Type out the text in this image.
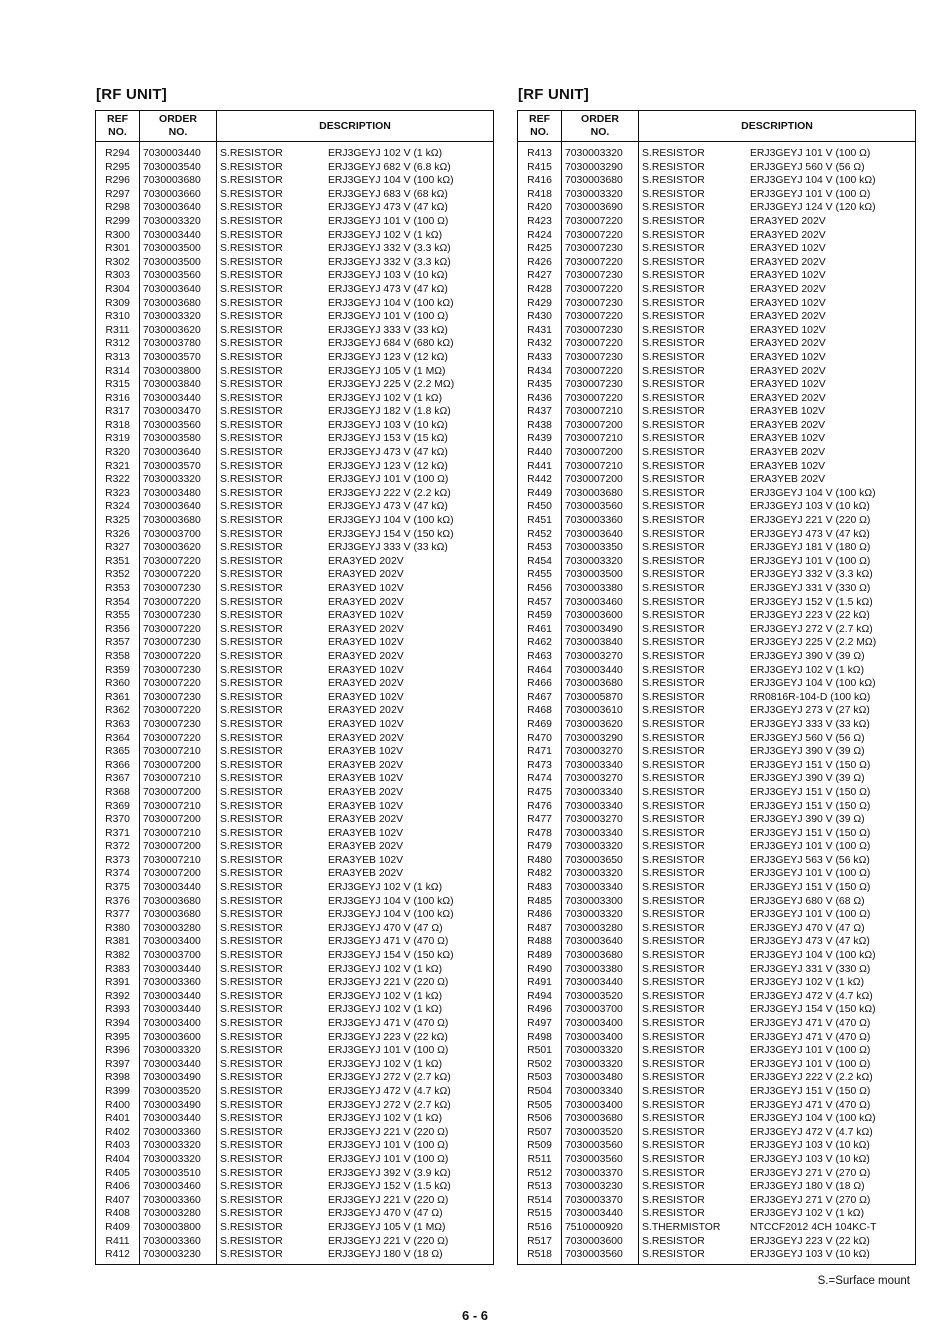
[RF UNIT]
REF
NO.	ORDER
NO.	DESCRIPTION
R294	7030003440	S.RESISTOR ERJ3GEYJ 102 V (1 kΩ)
R295	7030003540	S.RESISTOR ERJ3GEYJ 682 V (6.8 kΩ)
R296	7030003680	S.RESISTOR ERJ3GEYJ 104 V (100 kΩ)
R297	7030003660	S.RESISTOR ERJ3GEYJ 683 V (68 kΩ)
R298	7030003640	S.RESISTOR ERJ3GEYJ 473 V (47 kΩ)
R299	7030003320	S.RESISTOR ERJ3GEYJ 101 V (100 Ω)
R300	7030003440	S.RESISTOR ERJ3GEYJ 102 V (1 kΩ)
R301	7030003500	S.RESISTOR ERJ3GEYJ 332 V (3.3 kΩ)
R302	7030003500	S.RESISTOR ERJ3GEYJ 332 V (3.3 kΩ)
R303	7030003560	S.RESISTOR ERJ3GEYJ 103 V (10 kΩ)
R304	7030003640	S.RESISTOR ERJ3GEYJ 473 V (47 kΩ)
R309	7030003680	S.RESISTOR ERJ3GEYJ 104 V (100 kΩ)
R310	7030003320	S.RESISTOR ERJ3GEYJ 101 V (100 Ω)
R311	7030003620	S.RESISTOR ERJ3GEYJ 333 V (33 kΩ)
R312	7030003780	S.RESISTOR ERJ3GEYJ 684 V (680 kΩ)
R313	7030003570	S.RESISTOR ERJ3GEYJ 123 V (12 kΩ)
R314	7030003800	S.RESISTOR ERJ3GEYJ 105 V (1 MΩ)
R315	7030003840	S.RESISTOR ERJ3GEYJ 225 V (2.2 MΩ)
R316	7030003440	S.RESISTOR ERJ3GEYJ 102 V (1 kΩ)
R317	7030003470	S.RESISTOR ERJ3GEYJ 182 V (1.8 kΩ)
R318	7030003560	S.RESISTOR ERJ3GEYJ 103 V (10 kΩ)
R319	7030003580	S.RESISTOR ERJ3GEYJ 153 V (15 kΩ)
R320	7030003640	S.RESISTOR ERJ3GEYJ 473 V (47 kΩ)
R321	7030003570	S.RESISTOR ERJ3GEYJ 123 V (12 kΩ)
R322	7030003320	S.RESISTOR ERJ3GEYJ 101 V (100 Ω)
R323	7030003480	S.RESISTOR ERJ3GEYJ 222 V (2.2 kΩ)
R324	7030003640	S.RESISTOR ERJ3GEYJ 473 V (47 kΩ)
R325	7030003680	S.RESISTOR ERJ3GEYJ 104 V (100 kΩ)
R326	7030003700	S.RESISTOR ERJ3GEYJ 154 V (150 kΩ)
R327	7030003620	S.RESISTOR ERJ3GEYJ 333 V (33 kΩ)
R351	7030007220	S.RESISTOR ERA3YED 202V
R352	7030007220	S.RESISTOR ERA3YED 202V
R353	7030007230	S.RESISTOR ERA3YED 102V
R354	7030007220	S.RESISTOR ERA3YED 202V
R355	7030007230	S.RESISTOR ERA3YED 102V
R356	7030007220	S.RESISTOR ERA3YED 202V
R357	7030007230	S.RESISTOR ERA3YED 102V
R358	7030007220	S.RESISTOR ERA3YED 202V
R359	7030007230	S.RESISTOR ERA3YED 102V
R360	7030007220	S.RESISTOR ERA3YED 202V
R361	7030007230	S.RESISTOR ERA3YED 102V
R362	7030007220	S.RESISTOR ERA3YED 202V
R363	7030007230	S.RESISTOR ERA3YED 102V
R364	7030007220	S.RESISTOR ERA3YED 202V
R365	7030007210	S.RESISTOR ERA3YEB 102V
R366	7030007200	S.RESISTOR ERA3YEB 202V
R367	7030007210	S.RESISTOR ERA3YEB 102V
R368	7030007200	S.RESISTOR ERA3YEB 202V
R369	7030007210	S.RESISTOR ERA3YEB 102V
R370	7030007200	S.RESISTOR ERA3YEB 202V
R371	7030007210	S.RESISTOR ERA3YEB 102V
R372	7030007200	S.RESISTOR ERA3YEB 202V
R373	7030007210	S.RESISTOR ERA3YEB 102V
R374	7030007200	S.RESISTOR ERA3YEB 202V
R375	7030003440	S.RESISTOR ERJ3GEYJ 102 V (1 kΩ)
R376	7030003680	S.RESISTOR ERJ3GEYJ 104 V (100 kΩ)
R377	7030003680	S.RESISTOR ERJ3GEYJ 104 V (100 kΩ)
R380	7030003280	S.RESISTOR ERJ3GEYJ 470 V (47 Ω)
R381	7030003400	S.RESISTOR ERJ3GEYJ 471 V (470 Ω)
R382	7030003700	S.RESISTOR ERJ3GEYJ 154 V (150 kΩ)
R383	7030003440	S.RESISTOR ERJ3GEYJ 102 V (1 kΩ)
R391	7030003360	S.RESISTOR ERJ3GEYJ 221 V (220 Ω)
R392	7030003440	S.RESISTOR ERJ3GEYJ 102 V (1 kΩ)
R393	7030003440	S.RESISTOR ERJ3GEYJ 102 V (1 kΩ)
R394	7030003400	S.RESISTOR ERJ3GEYJ 471 V (470 Ω)
R395	7030003600	S.RESISTOR ERJ3GEYJ 223 V (22 kΩ)
R396	7030003320	S.RESISTOR ERJ3GEYJ 101 V (100 Ω)
R397	7030003440	S.RESISTOR ERJ3GEYJ 102 V (1 kΩ)
R398	7030003490	S.RESISTOR ERJ3GEYJ 272 V (2.7 kΩ)
R399	7030003520	S.RESISTOR ERJ3GEYJ 472 V (4.7 kΩ)
R400	7030003490	S.RESISTOR ERJ3GEYJ 272 V (2.7 kΩ)
R401	7030003440	S.RESISTOR ERJ3GEYJ 102 V (1 kΩ)
R402	7030003360	S.RESISTOR ERJ3GEYJ 221 V (220 Ω)
R403	7030003320	S.RESISTOR ERJ3GEYJ 101 V (100 Ω)
R404	7030003320	S.RESISTOR ERJ3GEYJ 101 V (100 Ω)
R405	7030003510	S.RESISTOR ERJ3GEYJ 392 V (3.9 kΩ)
R406	7030003460	S.RESISTOR ERJ3GEYJ 152 V (1.5 kΩ)
R407	7030003360	S.RESISTOR ERJ3GEYJ 221 V (220 Ω)
R408	7030003280	S.RESISTOR ERJ3GEYJ 470 V (47 Ω)
R409	7030003800	S.RESISTOR ERJ3GEYJ 105 V (1 MΩ)
R411	7030003360	S.RESISTOR ERJ3GEYJ 221 V (220 Ω)
R412	7030003230	S.RESISTOR ERJ3GEYJ 180 V (18 Ω)
[RF UNIT]
REF
NO.	ORDER
NO.	DESCRIPTION
R413	7030003320	S.RESISTOR ERJ3GEYJ 101 V (100 Ω)
R415	7030003290	S.RESISTOR ERJ3GEYJ 560 V (56 Ω)
R416	7030003680	S.RESISTOR ERJ3GEYJ 104 V (100 kΩ)
R418	7030003320	S.RESISTOR ERJ3GEYJ 101 V (100 Ω)
R420	7030003690	S.RESISTOR ERJ3GEYJ 124 V (120 kΩ)
R423	7030007220	S.RESISTOR ERA3YED 202V
R424	7030007220	S.RESISTOR ERA3YED 202V
R425	7030007230	S.RESISTOR ERA3YED 102V
R426	7030007220	S.RESISTOR ERA3YED 202V
R427	7030007230	S.RESISTOR ERA3YED 102V
R428	7030007220	S.RESISTOR ERA3YED 202V
R429	7030007230	S.RESISTOR ERA3YED 102V
R430	7030007220	S.RESISTOR ERA3YED 202V
R431	7030007230	S.RESISTOR ERA3YED 102V
R432	7030007220	S.RESISTOR ERA3YED 202V
R433	7030007230	S.RESISTOR ERA3YED 102V
R434	7030007220	S.RESISTOR ERA3YED 202V
R435	7030007230	S.RESISTOR ERA3YED 102V
R436	7030007220	S.RESISTOR ERA3YED 202V
R437	7030007210	S.RESISTOR ERA3YEB 102V
R438	7030007200	S.RESISTOR ERA3YEB 202V
R439	7030007210	S.RESISTOR ERA3YEB 102V
R440	7030007200	S.RESISTOR ERA3YEB 202V
R441	7030007210	S.RESISTOR ERA3YEB 102V
R442	7030007200	S.RESISTOR ERA3YEB 202V
R449	7030003680	S.RESISTOR ERJ3GEYJ 104 V (100 kΩ)
R450	7030003560	S.RESISTOR ERJ3GEYJ 103 V (10 kΩ)
R451	7030003360	S.RESISTOR ERJ3GEYJ 221 V (220 Ω)
R452	7030003640	S.RESISTOR ERJ3GEYJ 473 V (47 kΩ)
R453	7030003350	S.RESISTOR ERJ3GEYJ 181 V (180 Ω)
R454	7030003320	S.RESISTOR ERJ3GEYJ 101 V (100 Ω)
R455	7030003500	S.RESISTOR ERJ3GEYJ 332 V (3.3 kΩ)
R456	7030003380	S.RESISTOR ERJ3GEYJ 331 V (330 Ω)
R457	7030003460	S.RESISTOR ERJ3GEYJ 152 V (1.5 kΩ)
R459	7030003600	S.RESISTOR ERJ3GEYJ 223 V (22 kΩ)
R461	7030003490	S.RESISTOR ERJ3GEYJ 272 V (2.7 kΩ)
R462	7030003840	S.RESISTOR ERJ3GEYJ 225 V (2.2 MΩ)
R463	7030003270	S.RESISTOR ERJ3GEYJ 390 V (39 Ω)
R464	7030003440	S.RESISTOR ERJ3GEYJ 102 V (1 kΩ)
R466	7030003680	S.RESISTOR ERJ3GEYJ 104 V (100 kΩ)
R467	7030005870	S.RESISTOR RR0816R-104-D (100 kΩ)
R468	7030003610	S.RESISTOR ERJ3GEYJ 273 V (27 kΩ)
R469	7030003620	S.RESISTOR ERJ3GEYJ 333 V (33 kΩ)
R470	7030003290	S.RESISTOR ERJ3GEYJ 560 V (56 Ω)
R471	7030003270	S.RESISTOR ERJ3GEYJ 390 V (39 Ω)
R473	7030003340	S.RESISTOR ERJ3GEYJ 151 V (150 Ω)
R474	7030003270	S.RESISTOR ERJ3GEYJ 390 V (39 Ω)
R475	7030003340	S.RESISTOR ERJ3GEYJ 151 V (150 Ω)
R476	7030003340	S.RESISTOR ERJ3GEYJ 151 V (150 Ω)
R477	7030003270	S.RESISTOR ERJ3GEYJ 390 V (39 Ω)
R478	7030003340	S.RESISTOR ERJ3GEYJ 151 V (150 Ω)
R479	7030003320	S.RESISTOR ERJ3GEYJ 101 V (100 Ω)
R480	7030003650	S.RESISTOR ERJ3GEYJ 563 V (56 kΩ)
R482	7030003320	S.RESISTOR ERJ3GEYJ 101 V (100 Ω)
R483	7030003340	S.RESISTOR ERJ3GEYJ 151 V (150 Ω)
R485	7030003300	S.RESISTOR ERJ3GEYJ 680 V (68 Ω)
R486	7030003320	S.RESISTOR ERJ3GEYJ 101 V (100 Ω)
R487	7030003280	S.RESISTOR ERJ3GEYJ 470 V (47 Ω)
R488	7030003640	S.RESISTOR ERJ3GEYJ 473 V (47 kΩ)
R489	7030003680	S.RESISTOR ERJ3GEYJ 104 V (100 kΩ)
R490	7030003380	S.RESISTOR ERJ3GEYJ 331 V (330 Ω)
R491	7030003440	S.RESISTOR ERJ3GEYJ 102 V (1 kΩ)
R494	7030003520	S.RESISTOR ERJ3GEYJ 472 V (4.7 kΩ)
R496	7030003700	S.RESISTOR ERJ3GEYJ 154 V (150 kΩ)
R497	7030003400	S.RESISTOR ERJ3GEYJ 471 V (470 Ω)
R498	7030003400	S.RESISTOR ERJ3GEYJ 471 V (470 Ω)
R501	7030003320	S.RESISTOR ERJ3GEYJ 101 V (100 Ω)
R502	7030003320	S.RESISTOR ERJ3GEYJ 101 V (100 Ω)
R503	7030003480	S.RESISTOR ERJ3GEYJ 222 V (2.2 kΩ)
R504	7030003340	S.RESISTOR ERJ3GEYJ 151 V (150 Ω)
R505	7030003400	S.RESISTOR ERJ3GEYJ 471 V (470 Ω)
R506	7030003680	S.RESISTOR ERJ3GEYJ 104 V (100 kΩ)
R507	7030003520	S.RESISTOR ERJ3GEYJ 472 V (4.7 kΩ)
R509	7030003560	S.RESISTOR ERJ3GEYJ 103 V (10 kΩ)
R511	7030003560	S.RESISTOR ERJ3GEYJ 103 V (10 kΩ)
R512	7030003370	S.RESISTOR ERJ3GEYJ 271 V (270 Ω)
R513	7030003230	S.RESISTOR ERJ3GEYJ 180 V (18 Ω)
R514	7030003370	S.RESISTOR ERJ3GEYJ 271 V (270 Ω)
R515	7030003440	S.RESISTOR ERJ3GEYJ 102 V (1 kΩ)
R516	7510000920	S.THERMISTOR NTCCF2012 4CH 104KC-T
R517	7030003600	S.RESISTOR ERJ3GEYJ 223 V (22 kΩ)
R518	7030003560	S.RESISTOR ERJ3GEYJ 103 V (10 kΩ)
S.=Surface mount
6 - 6
